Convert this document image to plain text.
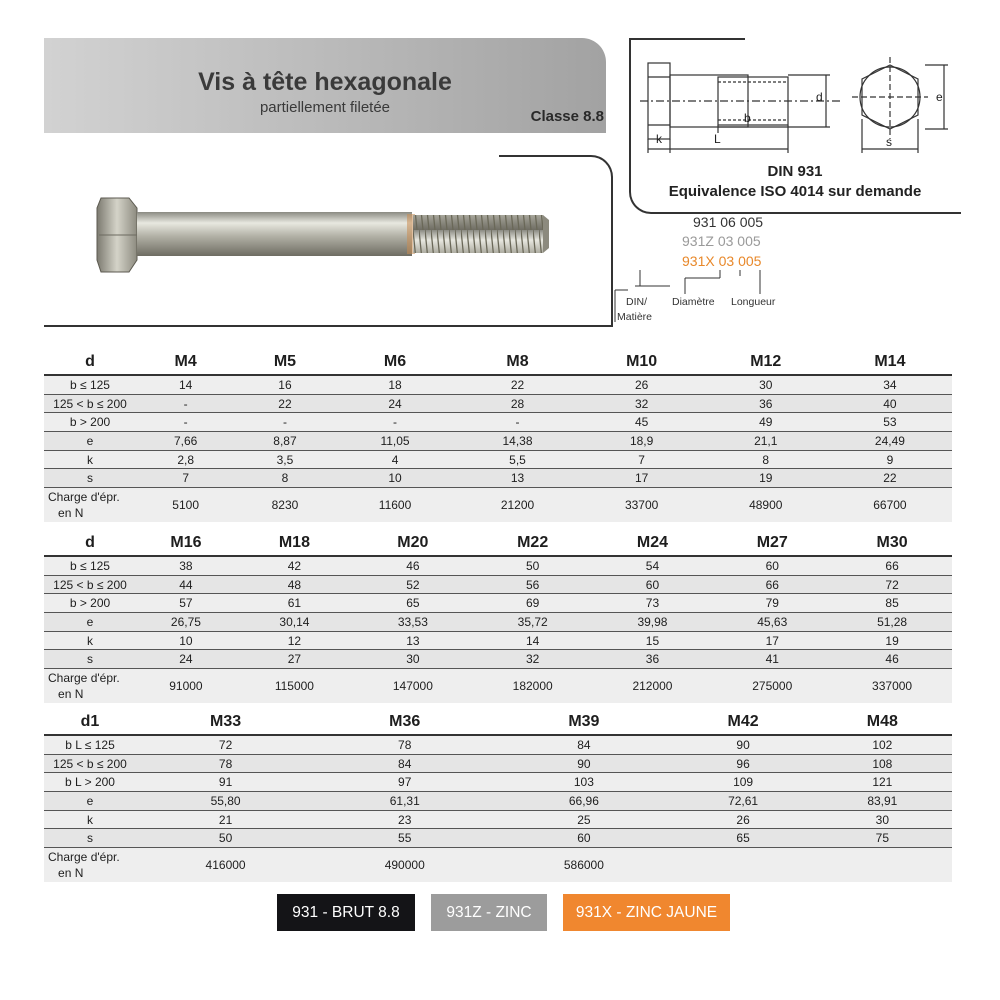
Vis à tête hexagonale
partiellement filetée
Classe 8.8
k	L
b
d	e
s
DIN 931
Equivalence ISO 4014 sur demande
931 06 005
931Z 03 005
931X 03 005
DIN/
Matière
Diamètre Longueur
d	M4	M5	M6	M8	M10	M12	M14
b ≤ 125	14	16	18	22	26	30	34
125 < b ≤ 200	-	22	24	28	32	36	40
b > 200	-	-	-	-	45	49	53
e	7,66	8,87	11,05	14,38	18,9	21,1	24,49
k	2,8	3,5	4	5,5	7	8	9
s	7	8	10	13	17	19	22
Charge d'épr.
en N	5100	8230	11600	21200	33700	48900	66700
d	M16	M18	M20	M22	M24	M27	M30
b ≤ 125	38	42	46	50	54	60	66
125 < b ≤ 200	44	48	52	56	60	66	72
b > 200	57	61	65	69	73	79	85
e	26,75	30,14	33,53	35,72	39,98	45,63	51,28
k	10	12	13	14	15	17	19
s	24	27	30	32	36	41	46
Charge d'épr.
en N	91000	115000	147000	182000	212000	275000	337000
d1	M33	M36	M39	M42	M48		
b L ≤ 125	72	78	84	90	102		
125 < b ≤ 200	78	84	90	96	108		
b L > 200	91	97	103	109	121		
e	55,80	61,31	66,96	72,61	83,91		
k	21	23	25	26	30		
s	50	55	60	65	75		
Charge d'épr.
en N	416000	490000	586000				
931 - BRUT 8.8	931Z - ZINC	931X - ZINC JAUNE
